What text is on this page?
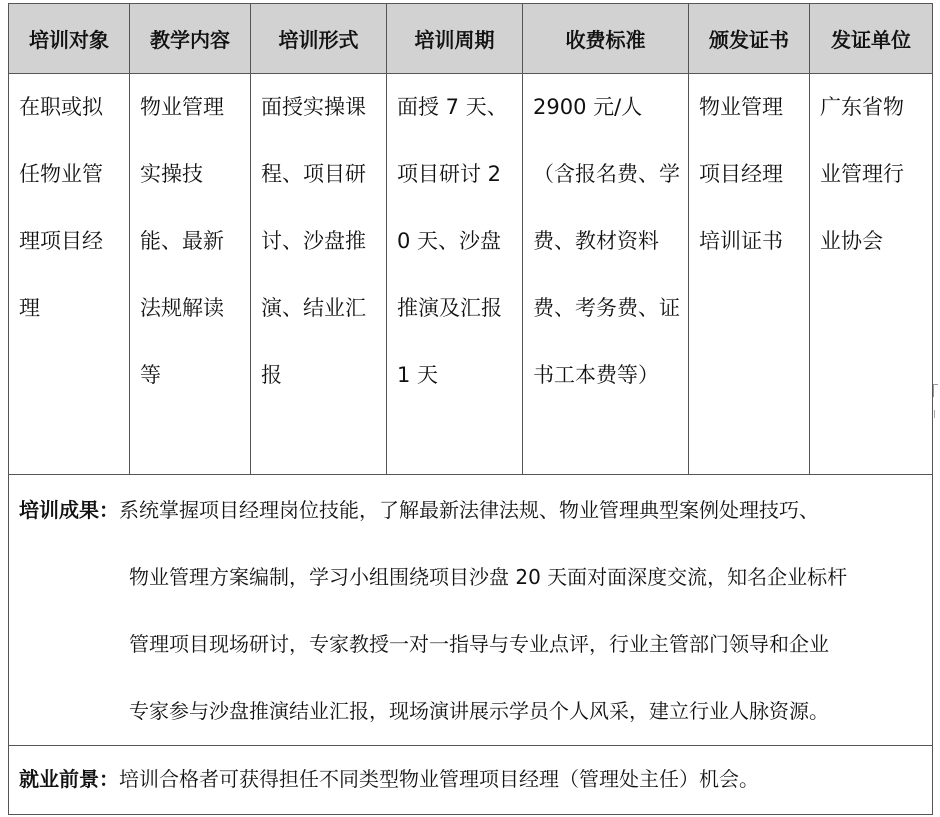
培训对象	教学内容	培训形式	培训周期	收费标准	颁发证书	发证单位
在职或拟任物业管理项目经理	物业管理实操技能、最新法规解读等	面授实操课程、项目研讨、沙盘推演、结业汇报	面授 7 天、项目研讨 20 天、沙盘推演及汇报 1 天	2900 元/人（含报名费、学费、教材资料费、考务费、证书工本费等）	物业管理项目经理培训证书	广东省物业管理行业协会

培训成果：系统掌握项目经理岗位技能，了解最新法律法规、物业管理典型案例处理技巧、
物业管理方案编制，学习小组围绕项目沙盘 20 天面对面深度交流，知名企业标杆
管理项目现场研讨，专家教授一对一指导与专业点评，行业主管部门领导和企业
专家参与沙盘推演结业汇报，现场演讲展示学员个人风采，建立行业人脉资源。						

就业前景：培训合格者可获得担任不同类型物业管理项目经理（管理处主任）机会。						
